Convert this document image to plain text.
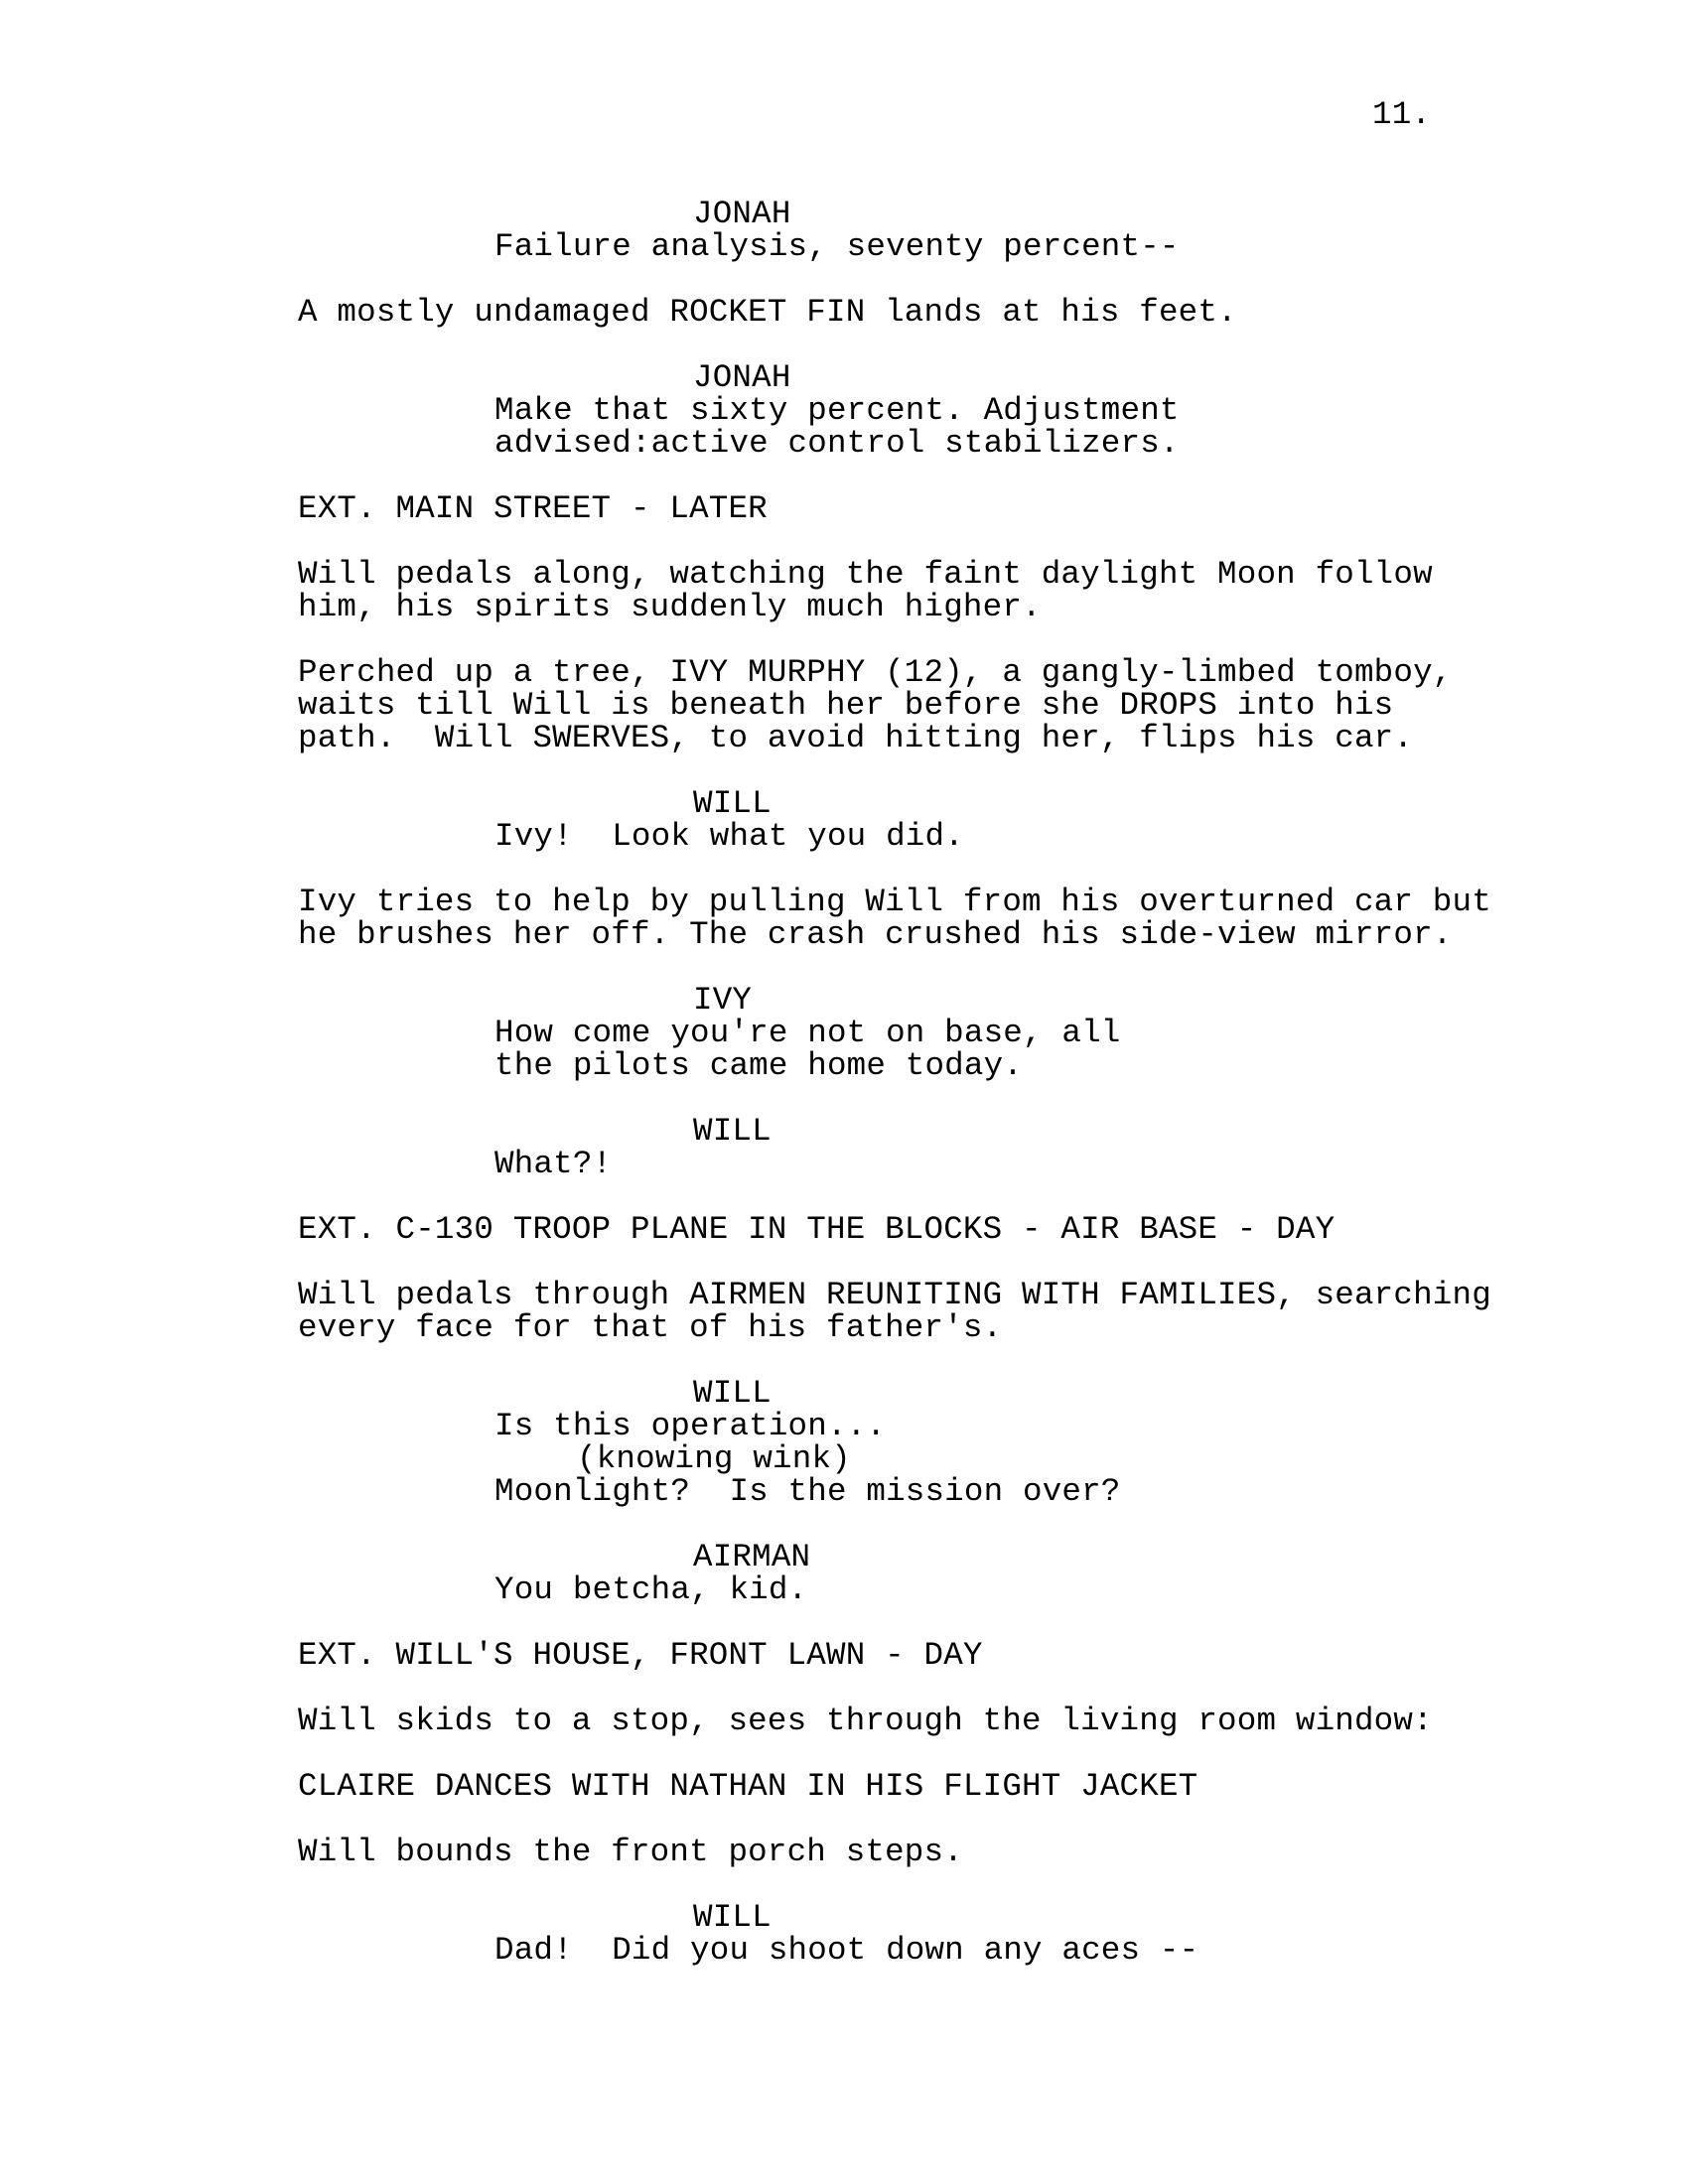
11.
JONAH
Failure analysis, seventy percent--
A mostly undamaged ROCKET FIN lands at his feet.
JONAH
Make that sixty percent. Adjustment
advised:active control stabilizers.
EXT. MAIN STREET - LATER
Will pedals along, watching the faint daylight Moon follow
him, his spirits suddenly much higher.
Perched up a tree, IVY MURPHY (12), a gangly-limbed tomboy,
waits till Will is beneath her before she DROPS into his
path.  Will SWERVES, to avoid hitting her, flips his car.
WILL
Ivy!  Look what you did.
Ivy tries to help by pulling Will from his overturned car but
he brushes her off. The crash crushed his side-view mirror.
IVY
How come you're not on base, all
the pilots came home today.
WILL
What?!
EXT. C-130 TROOP PLANE IN THE BLOCKS - AIR BASE - DAY
Will pedals through AIRMEN REUNITING WITH FAMILIES, searching
every face for that of his father's.
WILL
Is this operation...
(knowing wink)
Moonlight?  Is the mission over?
AIRMAN
You betcha, kid.
EXT. WILL'S HOUSE, FRONT LAWN - DAY
Will skids to a stop, sees through the living room window:
CLAIRE DANCES WITH NATHAN IN HIS FLIGHT JACKET
Will bounds the front porch steps.
WILL
Dad!  Did you shoot down any aces --
